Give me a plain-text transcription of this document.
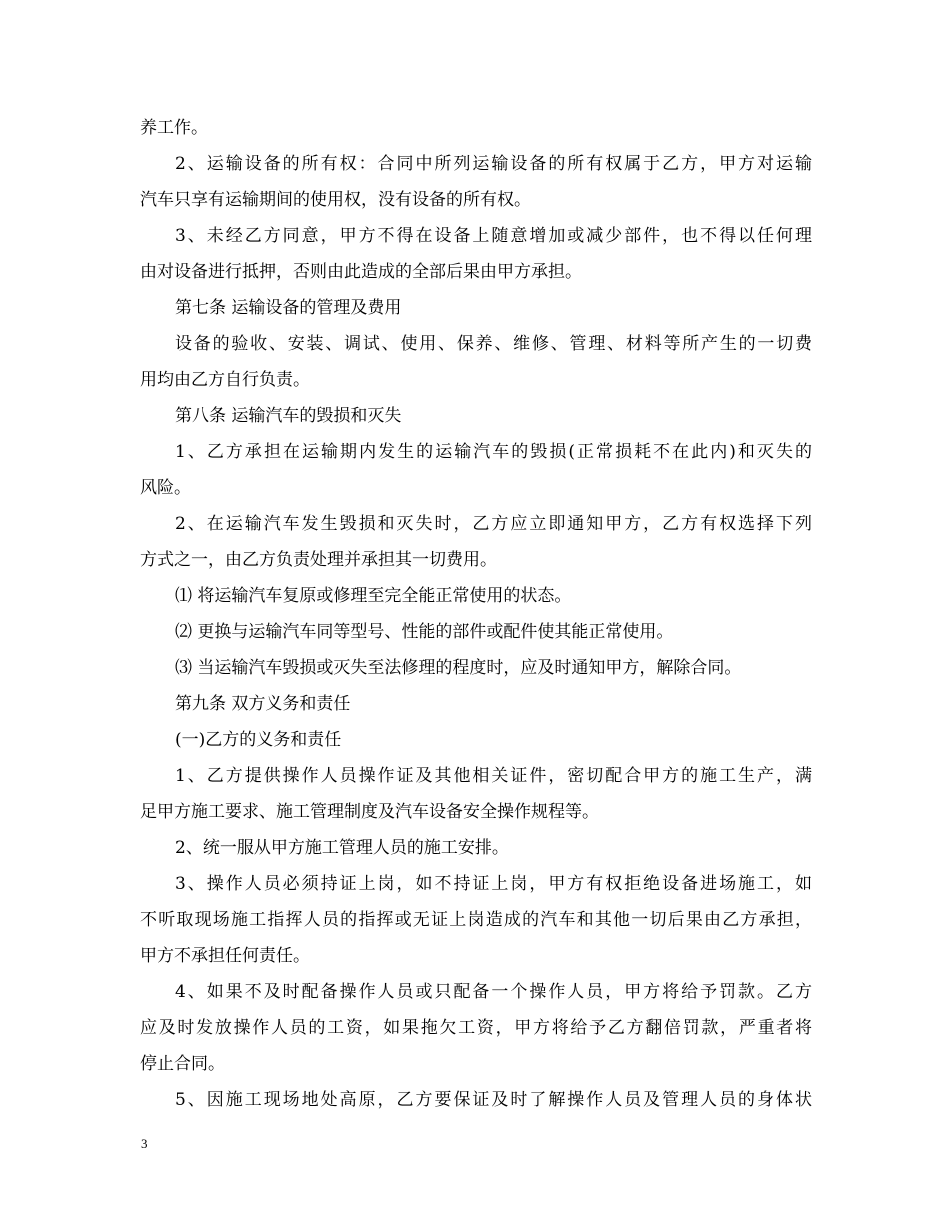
养工作。
2、运输设备的所有权：合同中所列运输设备的所有权属于乙方，甲方对运输
汽车只享有运输期间的使用权，没有设备的所有权。
3、未经乙方同意，甲方不得在设备上随意增加或减少部件，也不得以任何理
由对设备进行抵押，否则由此造成的全部后果由甲方承担。
第七条 运输设备的管理及费用
设备的验收、安装、调试、使用、保养、维修、管理、材料等所产生的一切费
用均由乙方自行负责。
第八条 运输汽车的毁损和灭失
1、乙方承担在运输期内发生的运输汽车的毁损(正常损耗不在此内)和灭失的
风险。
2、在运输汽车发生毁损和灭失时，乙方应立即通知甲方，乙方有权选择下列
方式之一，由乙方负责处理并承担其一切费用。
⑴ 将运输汽车复原或修理至完全能正常使用的状态。
⑵ 更换与运输汽车同等型号、性能的部件或配件使其能正常使用。
⑶ 当运输汽车毁损或灭失至法修理的程度时，应及时通知甲方，解除合同。
第九条 双方义务和责任
(一)乙方的义务和责任
1、乙方提供操作人员操作证及其他相关证件，密切配合甲方的施工生产，满
足甲方施工要求、施工管理制度及汽车设备安全操作规程等。
2、统一服从甲方施工管理人员的施工安排。
3、操作人员必须持证上岗，如不持证上岗，甲方有权拒绝设备进场施工，如
不听取现场施工指挥人员的指挥或无证上岗造成的汽车和其他一切后果由乙方承担，
甲方不承担任何责任。
4、如果不及时配备操作人员或只配备一个操作人员，甲方将给予罚款。乙方
应及时发放操作人员的工资，如果拖欠工资，甲方将给予乙方翻倍罚款，严重者将
停止合同。
5、因施工现场地处高原，乙方要保证及时了解操作人员及管理人员的身体状
3
